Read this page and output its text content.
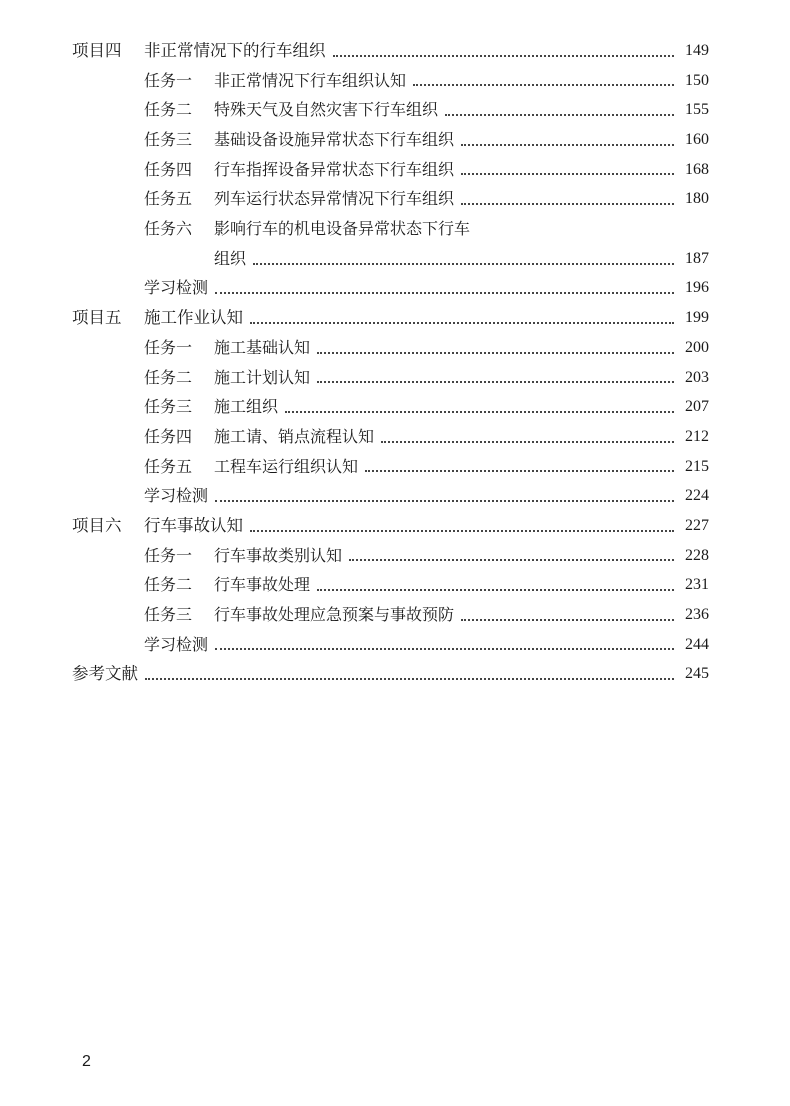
项目四	非正常情况下的行车组织	149
任务一	非正常情况下行车组织认知	150
任务二	特殊天气及自然灾害下行车组织	155
任务三	基础设备设施异常状态下行车组织	160
任务四	行车指挥设备异常状态下行车组织	168
任务五	列车运行状态异常情况下行车组织	180
任务六	影响行车的机电设备异常状态下行车
组织	187
学习检测	196
项目五	施工作业认知	199
任务一	施工基础认知	200
任务二	施工计划认知	203
任务三	施工组织	207
任务四	施工请、销点流程认知	212
任务五	工程车运行组织认知	215
学习检测	224
项目六	行车事故认知	227
任务一	行车事故类别认知	228
任务二	行车事故处理	231
任务三	行车事故处理应急预案与事故预防	236
学习检测	244
参考文献	245
2
